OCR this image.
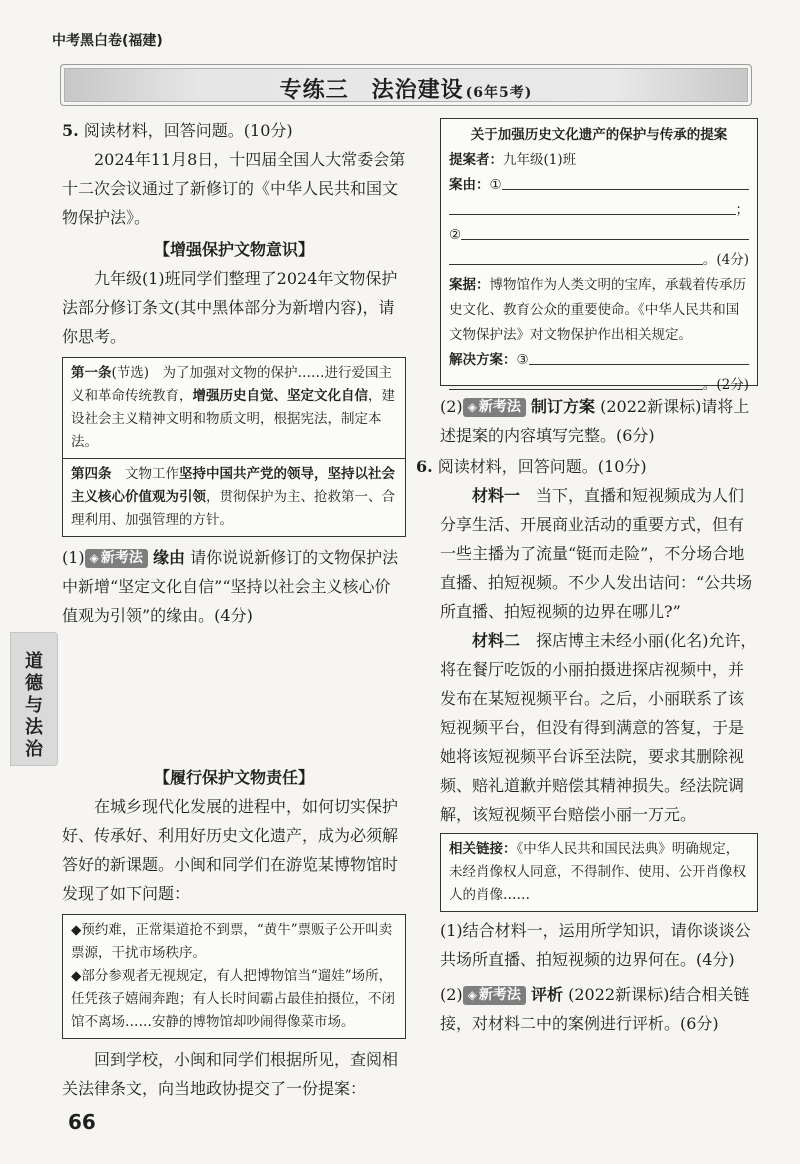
中考黑白卷(福建)
专练三　法治建设 (6年5考)
道
德
与
法
治
5. 阅读材料，回答问题。(10分)
2024年11月8日，十四届全国人大常委会第十二次会议通过了新修订的《中华人民共和国文物保护法》。
【增强保护文物意识】
九年级(1)班同学们整理了2024年文物保护法部分修订条文(其中黑体部分为新增内容)，请你思考。
第一条(节选)　为了加强对文物的保护……进行爱国主义和革命传统教育，增强历史自觉、坚定文化自信，建设社会主义精神文明和物质文明，根据宪法，制定本法。
第四条　文物工作坚持中国共产党的领导，坚持以社会主义核心价值观为引领，贯彻保护为主、抢救第一、合理利用、加强管理的方针。
(1) ◈ 新考法 缘由 请你说说新修订的文物保护法中新增“坚定文化自信”“坚持以社会主义核心价值观为引领”的缘由。(4分)
【履行保护文物责任】
在城乡现代化发展的进程中，如何切实保护好、传承好、利用好历史文化遗产，成为必须解答好的新课题。小闽和同学们在游览某博物馆时发现了如下问题：
◆预约难，正常渠道抢不到票，“黄牛”票贩子公开叫卖票源，干扰市场秩序。
◆部分参观者无视规定，有人把博物馆当“遛娃”场所，任凭孩子嬉闹奔跑；有人长时间霸占最佳拍摄位，不闭馆不离场……安静的博物馆却吵闹得像菜市场。
回到学校，小闽和同学们根据所见，查阅相关法律条文，向当地政协提交了一份提案：
关于加强历史文化遗产的保护与传承的提案
提案者：九年级(1)班
案由： ①
；
②
。(4分)
案据：博物馆作为人类文明的宝库，承载着传承历史文化、教育公众的重要使命。《中华人民共和国文物保护法》对文物保护作出相关规定。
解决方案： ③
。(2分)
(2) ◈ 新考法 制订方案 (2022新课标)请将上述提案的内容填写完整。(6分)
6. 阅读材料，回答问题。(10分)
材料一　 当下，直播和短视频成为人们分享生活、开展商业活动的重要方式，但有一些主播为了流量“铤而走险”，不分场合地直播、拍短视频。不少人发出诘问：“公共场所直播、拍短视频的边界在哪儿?”
材料二　 探店博主未经小丽(化名)允许，将在餐厅吃饭的小丽拍摄进探店视频中，并发布在某短视频平台。之后，小丽联系了该短视频平台，但没有得到满意的答复，于是她将该短视频平台诉至法院，要求其删除视频、赔礼道歉并赔偿其精神损失。经法院调解，该短视频平台赔偿小丽一万元。
相关链接：《中华人民共和国民法典》明确规定，未经肖像权人同意，不得制作、使用、公开肖像权人的肖像……
(1)结合材料一，运用所学知识，请你谈谈公共场所直播、拍短视频的边界何在。(4分)
(2) ◈ 新考法 评析 (2022新课标)结合相关链接，对材料二中的案例进行评析。(6分)
66
